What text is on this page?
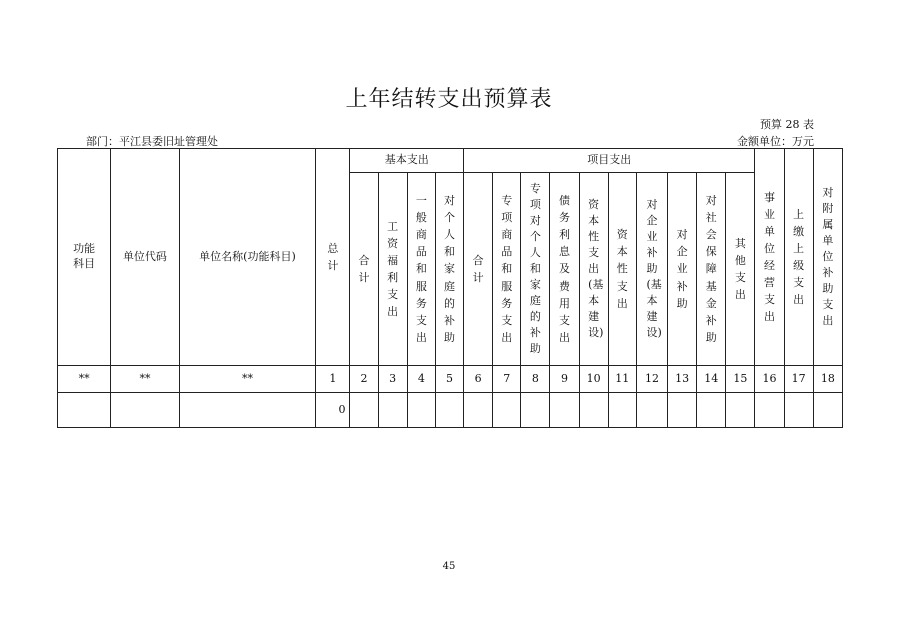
上年结转支出预算表
预算 28 表
部门：平江县委旧址管理处	金额单位：万元
功能
科目	单位代码	单位名称(功能科目)	总计	基本支出				项目支出										事业单位经营支出	上缴上级支出	对附属单位补助支出
				合计	工资福利支出	一般商品和服务支出	对个人和家庭的补助	合计	专项商品和服务支出	专项对个人和家庭的补助	债务利息及费用支出	资本性支出(基本建设)	资本性支出	对企业补助(基本建设)	对企业补助	对社会保障基金补助	其他支出			
**	**	**	1	2	3	4	5	6	7	8	9	10	11	12	13	14	15	16	17	18
			0																	
45
